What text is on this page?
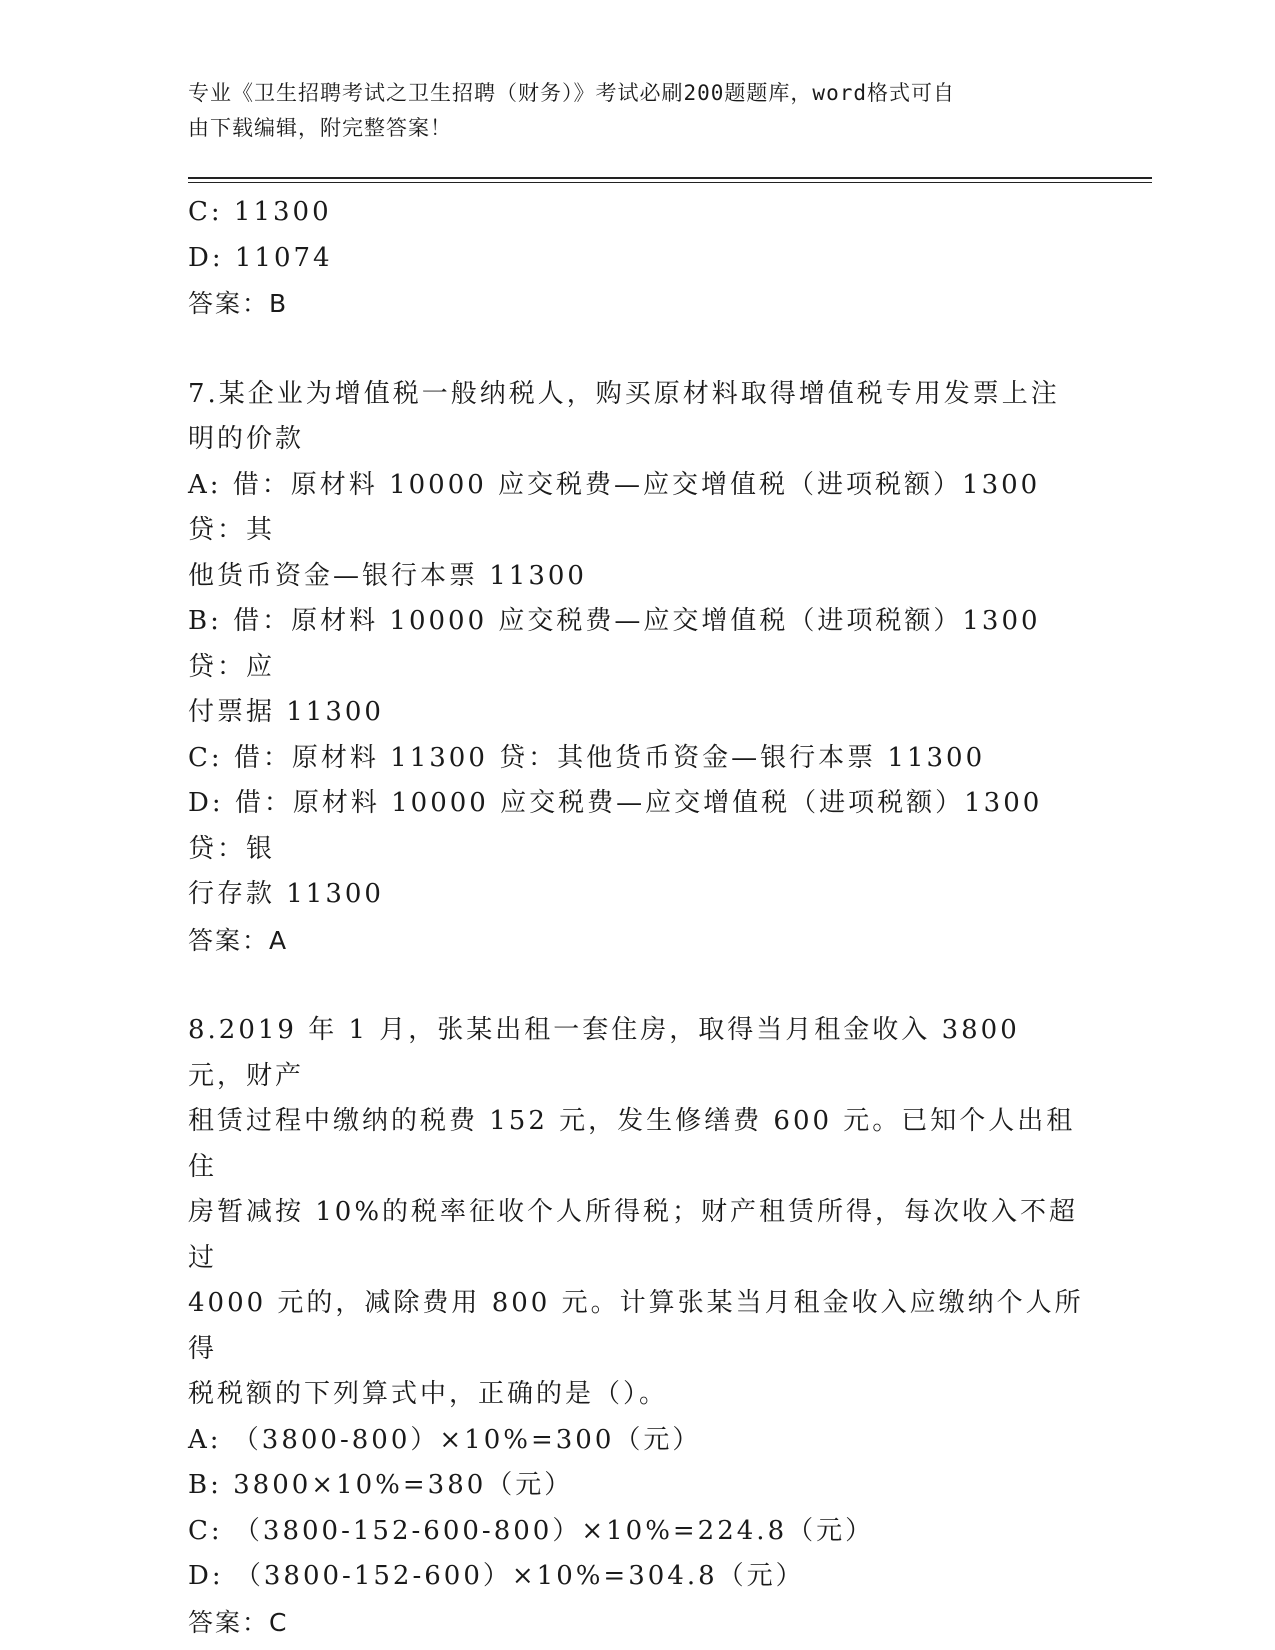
专业《卫生招聘考试之卫生招聘（财务）》考试必刷200题题库，word格式可自
由下载编辑，附完整答案！
C: 11300
D: 11074
答案：B
7.某企业为增值税一般纳税人，购买原材料取得增值税专用发票上注
明的价款
A: 借：原材料 10000 应交税费—应交增值税（进项税额）1300 贷：其
他货币资金—银行本票 11300
B: 借：原材料 10000 应交税费—应交增值税（进项税额）1300 贷：应
付票据 11300
C: 借：原材料 11300 贷：其他货币资金—银行本票 11300
D: 借：原材料 10000 应交税费—应交增值税（进项税额）1300 贷：银
行存款 11300
答案：A
8.2019 年 1 月，张某出租一套住房，取得当月租金收入 3800 元，财产
租赁过程中缴纳的税费 152 元，发生修缮费 600 元。已知个人出租住
房暂减按 10%的税率征收个人所得税；财产租赁所得，每次收入不超过
4000 元的，减除费用 800 元。计算张某当月租金收入应缴纳个人所得
税税额的下列算式中，正确的是（）。
A: （3800-800）×10%=300（元）
B: 3800×10%=380（元）
C: （3800-152-600-800）×10%=224.8（元）
D: （3800-152-600）×10%=304.8（元）
答案：C
